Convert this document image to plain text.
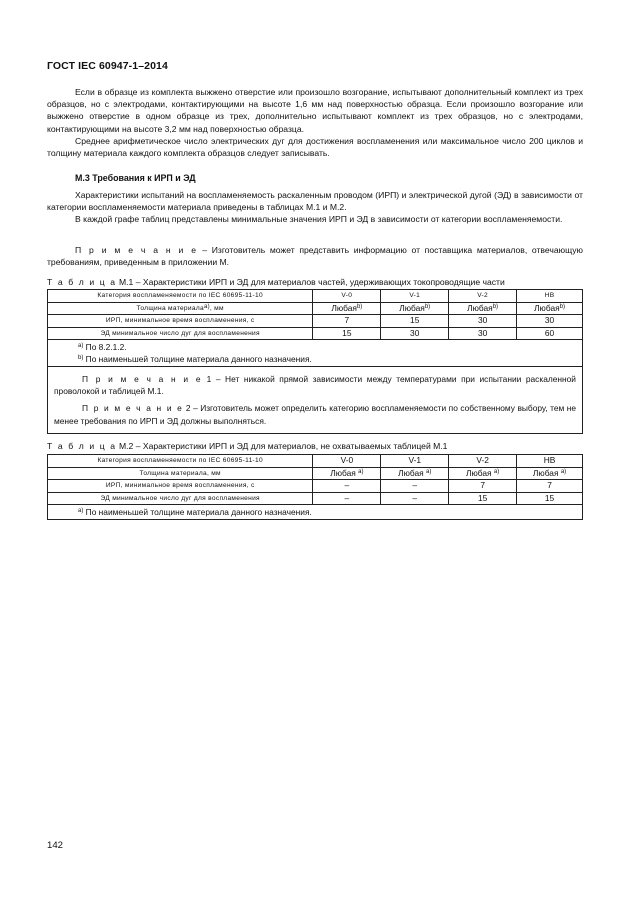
ГОСТ IEC 60947-1–2014

Если в образце из комплекта выжжено отверстие или произошло возгорание, испытывают дополнительный комплект из трех образцов, но с электродами, контактирующими на высоте 1,6 мм над поверхностью образца. Если произошло возгорание или выжжено отверстие в одном образце из трех, дополнительно испытывают комплект из трех образцов, но с электродами, контактирующими на высоте 3,2 мм над поверхностью образца.

Среднее арифметическое число электрических дуг для достижения воспламенения или максимальное число 200 циклов и толщину материала каждого комплекта образцов следует записывать.

М.3 Требования к ИРП и ЭД

Характеристики испытаний на воспламеняемость раскаленным проводом (ИРП) и электрической дугой (ЭД) в зависимости от категории воспламеняемости материала приведены в таблицах М.1 и М.2.

В каждой графе таблиц представлены минимальные значения ИРП и ЭД в зависимости от категории воспламеняемости.

П р и м е ч а н и е – Изготовитель может представить информацию от поставщика материалов, отвечающую требованиям, приведенным в приложении М.

Т а б л и ц а М.1 – Характеристики ИРП и ЭД для материалов частей, удерживающих токопроводящие части
Категория воспламеняемости по IEC 60695-11-10	V-0	V-1	V-2	HB
Толщина материала$^{a)}$, мм	Любая$^{b)}$	Любая$^{b)}$	Любая$^{b)}$	Любая$^{b)}$
ИРП, минимальное время воспламенения, с	7	15	30	30
ЭД минимальное число дуг для воспламенения	15	30	30	60

$^{a)}$ По 8.2.1.2.
$^{b)}$ По наименьшей толщине материала данного назначения.				

П р и м е ч а н и е 1 – Нет никакой прямой зависимости между температурами при испытании раскаленной проволокой и таблицей М.1.

П р и м е ч а н и е 2 – Изготовитель может определить категорию воспламеняемости по собственному выбору, тем не менее требования по ИРП и ЭД должны выполняться.				

Т а б л и ц а М.2 – Характеристики ИРП и ЭД для материалов, не охватываемых таблицей М.1
Категория воспламеняемости по IEC 60695-11-10	V-0	V-1	V-2	HB
Толщина материала, мм	Любая $^{a)}$	Любая $^{a)}$	Любая $^{a)}$	Любая $^{a)}$
ИРП, минимальное время воспламенения, с	–	–	7	7
ЭД минимальное число дуг для воспламенения	–	–	15	15

$^{a)}$ По наименьшей толщине материала данного назначения.				
142
